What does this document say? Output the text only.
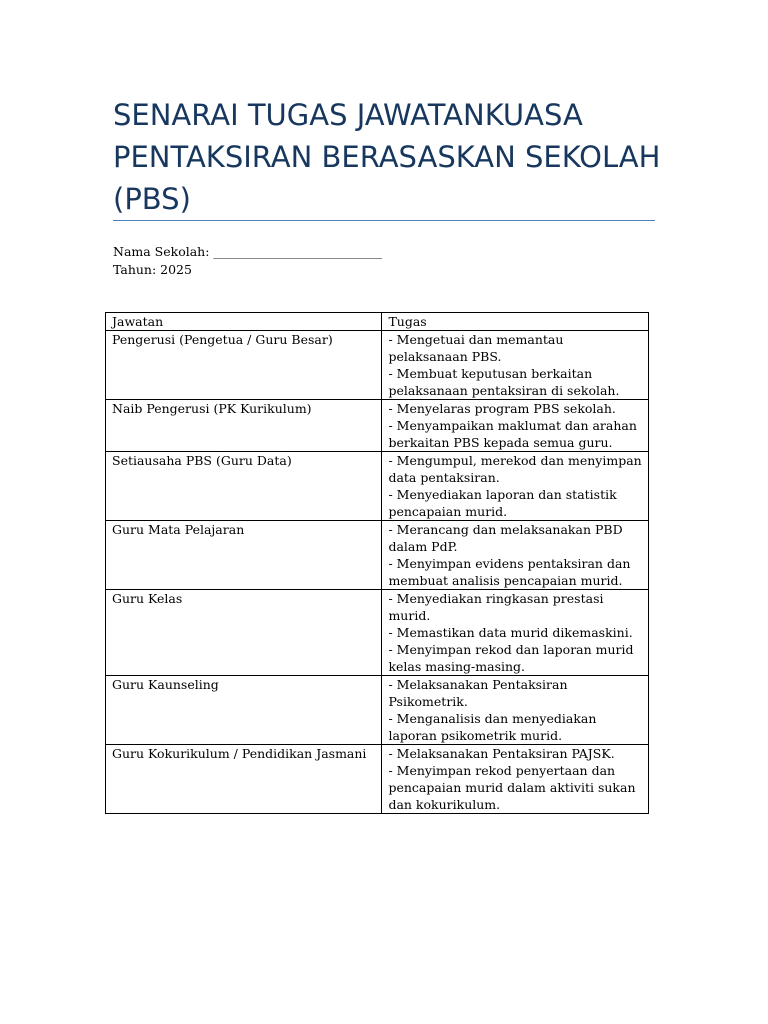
SENARAI TUGAS JAWATANKUASA PENTAKSIRAN BERASASKAN SEKOLAH (PBS)
Nama Sekolah: ___________________________
Tahun: 2025
Jawatan	Tugas
Pengerusi (Pengetua / Guru Besar)	- Mengetuai dan memantau pelaksanaan PBS.
- Membuat keputusan berkaitan pelaksanaan pentaksiran di sekolah.

Naib Pengerusi (PK Kurikulum)	- Menyelaras program PBS sekolah.
- Menyampaikan maklumat dan arahan berkaitan PBS kepada semua guru.

Setiausaha PBS (Guru Data)	- Mengumpul, merekod dan menyimpan data pentaksiran.
- Menyediakan laporan dan statistik pencapaian murid.

Guru Mata Pelajaran	- Merancang dan melaksanakan PBD dalam PdP.
- Menyimpan evidens pentaksiran dan membuat analisis pencapaian murid.

Guru Kelas	- Menyediakan ringkasan prestasi murid.
- Memastikan data murid dikemaskini.
- Menyimpan rekod dan laporan murid kelas masing-masing.

Guru Kaunseling	- Melaksanakan Pentaksiran Psikometrik.
- Menganalisis dan menyediakan laporan psikometrik murid.

Guru Kokurikulum / Pendidikan Jasmani	- Melaksanakan Pentaksiran PAJSK.
- Menyimpan rekod penyertaan dan pencapaian murid dalam aktiviti sukan dan kokurikulum.
